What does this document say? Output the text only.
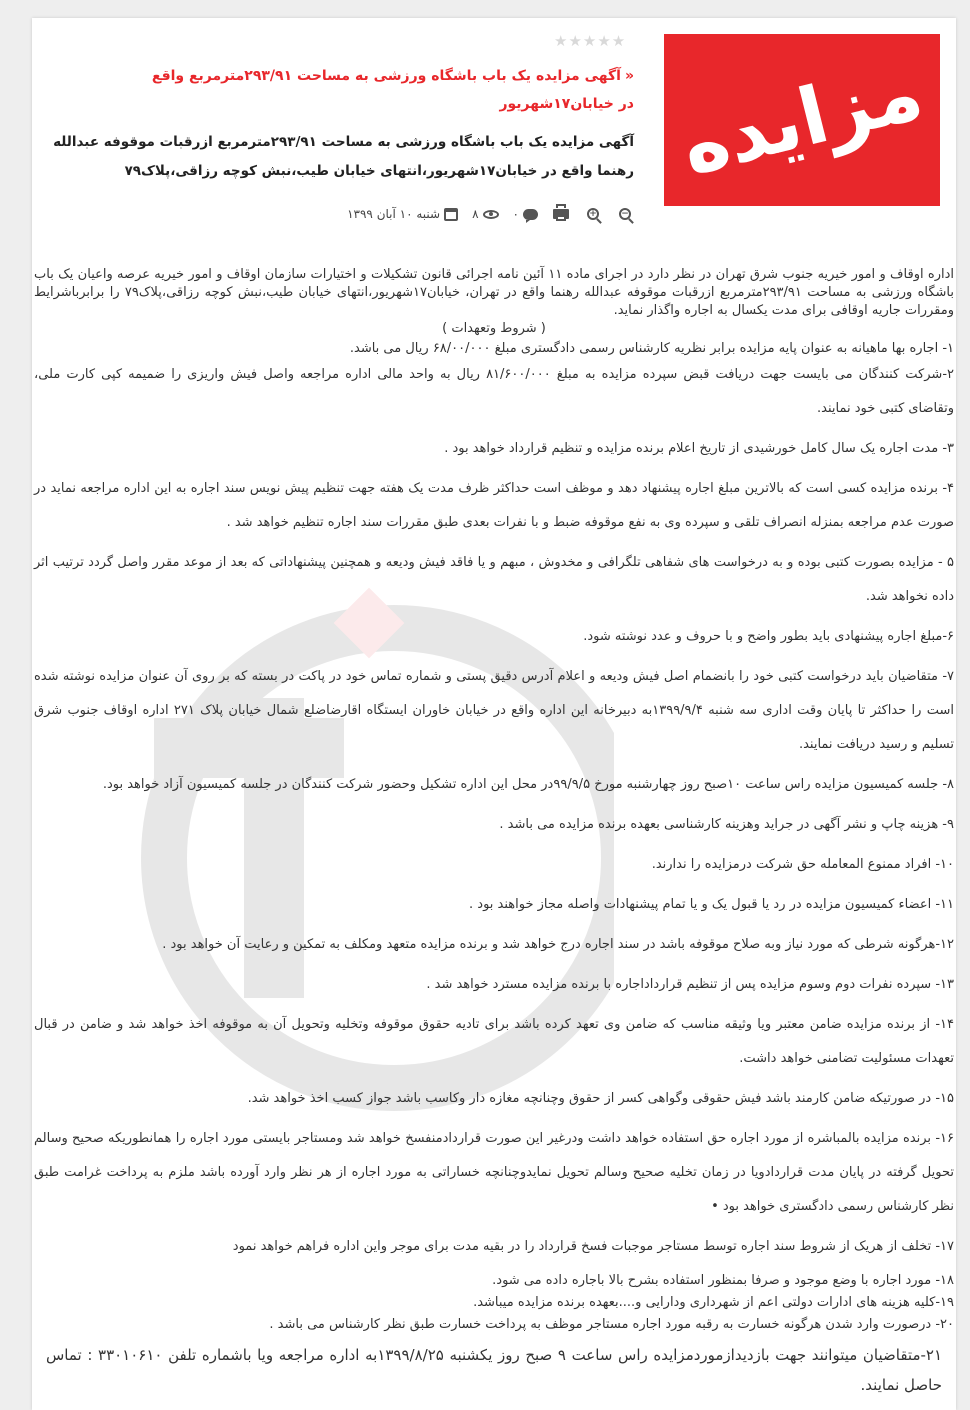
مزایده
★★★★★
«آگهی مزایده یک باب باشگاه ورزشی به مساحت ۲۹۳/۹۱مترمربع واقع در خیابان۱۷شهریور

آگهی مزایده یک باب باشگاه ورزشی به مساحت ۲۹۳/۹۱مترمربع ازرقبات موقوفه عبدالله رهنما واقع در خیابان۱۷شهریور،انتهای خیابان طیب،نبش کوچه رزاقی،پلاک۷۹

شنبه ۱۰ آبان ۱۳۹۹	۸	۰	+	−

اداره اوقاف و امور خیریه جنوب شرق تهران در نظر دارد در اجرای ماده ۱۱ آئین نامه اجرائی قانون تشکیلات و اختیارات سازمان اوقاف و امور خیریه عرصه واعیان یک باب باشگاه ورزشی به مساحت ۲۹۳/۹۱مترمربع ازرقبات موقوفه عبدالله رهنما واقع در تهران، خیابان۱۷شهریور،انتهای خیابان طیب،نبش کوچه رزاقی،پلاک۷۹ را برابرباشرایط ومقررات جاریه اوقافی برای مدت یکسال به اجاره واگذار نماید.

( شروط وتعهدات )

۱- اجاره بها ماهیانه به عنوان پایه مزایده برابر نظریه کارشناس رسمی دادگستری مبلغ ۶۸/۰۰/۰۰۰ ریال می باشد.

۲-شرکت کنندگان می بایست جهت دریافت قبض سپرده مزایده به مبلغ ۸۱/۶۰۰/۰۰۰ ریال به واحد مالی اداره مراجعه واصل فیش واریزی را ضمیمه کپی کارت ملی، وتقاضای کتبی خود نمایند.

۳- مدت اجاره یک سال کامل خورشیدی از تاریخ اعلام برنده مزایده و تنظیم قرارداد خواهد بود .

۴- برنده مزایده کسی است که بالاترین مبلغ اجاره پیشنهاد دهد و موظف است حداکثر ظرف مدت یک هفته جهت تنظیم پیش نویس سند اجاره به این اداره مراجعه نماید در صورت عدم مراجعه بمنزله انصراف تلقی و سپرده وی به نفع موقوفه ضبط و با نفرات بعدی طبق مقررات سند اجاره تنظیم خواهد شد .

۵ - مزایده بصورت کتبی بوده و به درخواست های شفاهی تلگرافی و مخدوش ، مبهم و یا فاقد فیش ودیعه و همچنین پیشنهاداتی که بعد از موعد مقرر واصل گردد ترتیب اثر داده نخواهد شد.

۶-مبلغ اجاره پیشنهادی باید بطور واضح و با حروف و عدد نوشته شود.

۷- متقاضیان باید درخواست کتبی خود را بانضمام اصل فیش ودیعه و اعلام آدرس دقیق پستی و شماره تماس خود در پاکت در بسته که بر روی آن عنوان مزایده نوشته شده است را حداکثر تا پایان وقت اداری سه شنبه ۱۳۹۹/۹/۴به دبیرخانه این اداره واقع در خیابان خاوران ایستگاه اقارضاضلع شمال خیابان پلاک ۲۷۱ اداره اوقاف جنوب شرق تسلیم و رسید دریافت نمایند.

۸- جلسه کمیسیون مزایده راس ساعت ۱۰صبح روز چهارشنبه مورخ ۹۹/۹/۵در محل این اداره تشکیل وحضور شرکت کنندگان در جلسه کمیسیون آزاد خواهد بود.

۹- هزینه چاپ و نشر آگهی در جراید وهزینه کارشناسی بعهده برنده مزایده می باشد .

۱۰- افراد ممنوع المعامله حق شرکت درمزایده را ندارند.

۱۱- اعضاء کمیسیون مزایده در رد یا قبول یک و یا تمام پیشنهادات واصله مجاز خواهند بود .

۱۲-هرگونه شرطی که مورد نیاز وبه صلاح موقوفه باشد در سند اجاره درج خواهد شد و برنده مزایده متعهد ومکلف به تمکین و رعایت آن خواهد بود .

۱۳- سپرده نفرات دوم وسوم مزایده پس از تنظیم قرارداداجاره با برنده مزایده مسترد خواهد شد .

۱۴- از برنده مزایده ضامن معتبر ویا وثیقه مناسب که ضامن وی تعهد کرده باشد برای تادیه حقوق موقوفه وتخلیه وتحویل آن به موقوفه اخذ خواهد شد و ضامن در قبال تعهدات مسئولیت تضامنی خواهد داشت.

۱۵- در صورتیکه ضامن کارمند باشد فیش حقوقی وگواهی کسر از حقوق وچنانچه مغازه دار وکاسب باشد جواز کسب اخذ خواهد شد.

۱۶- برنده مزایده بالمباشره از مورد اجاره حق استفاده خواهد داشت ودرغیر این صورت قراردادمنفسخ خواهد شد ومستاجر بایستی مورد اجاره را همانطوریکه صحیح وسالم تحویل گرفته در پایان مدت قراردادویا در زمان تخلیه صحیح وسالم تحویل نمایدوچنانچه خساراتی به مورد اجاره از هر نظر وارد آورده باشد ملزم به پرداخت غرامت طبق نظر کارشناس رسمی دادگستری خواهد بود •

۱۷- تخلف از هریک از شروط سند اجاره توسط مستاجر موجبات فسخ قرارداد را در بقیه مدت برای موجر واین اداره فراهم خواهد نمود

۱۸- مورد اجاره با وضع موجود و صرفا بمنظور استفاده بشرح بالا باجاره داده می شود.

۱۹-کلیه هزینه های ادارات دولتی اعم از شهرداری ودارایی و....بعهده برنده مزایده میباشد.

۲۰- درصورت وارد شدن هرگونه خسارت به رقبه مورد اجاره مستاجر موظف به پرداخت خسارت طبق نظر کارشناس می باشد .

۲۱-متقاضیان میتوانند جهت بازدیدازموردمزایده راس ساعت ۹ صبح روز یکشنبه ۱۳۹۹/۸/۲۵به اداره مراجعه ویا باشماره تلفن ۳۳۰۱۰۶۱۰ : تماس حاصل نمایند.
